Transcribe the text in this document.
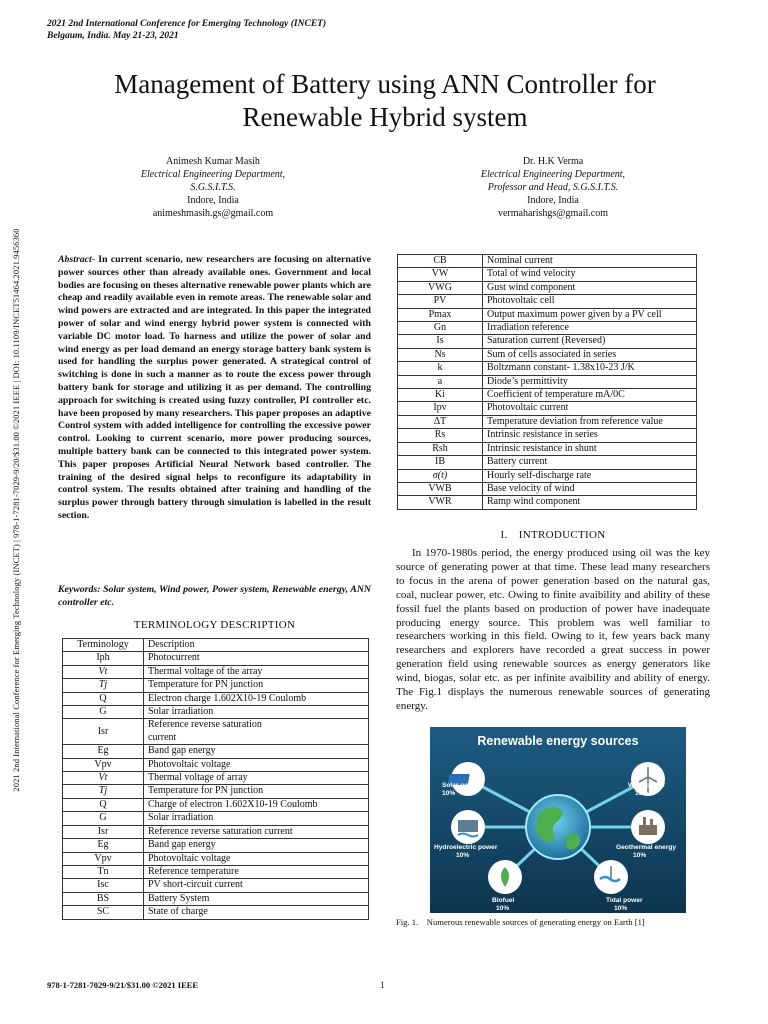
2021 2nd International Conference for Emerging Technology (INCET)
Belgaum, India. May 21-23, 2021
Management of Battery using ANN Controller for
Renewable Hybrid system
Animesh Kumar Masih
Electrical Engineering Department,
S.G.S.I.T.S.
Indore, India
animeshmasih.gs@gmail.com
Dr. H.K Verma
Electrical Engineering Department,
Professor and Head, S.G.S.I.T.S.
Indore, India
vermaharishgs@gmail.com
2021 2nd International Conference for Emerging Technology (INCET) | 978-1-7281-7029-9/20/$31.00 ©2021 IEEE | DOI: 10.1109/INCET51464.2021.9456360	Abstract- In current scenario, new researchers are focusing on alternative power sources other than already available ones. Government and local bodies are focusing on theses alternative renewable power plants which are cheap and readily available even in remote areas. The renewable solar and wind powers are extracted and are integrated. In this paper the integrated power of solar and wind energy hybrid power system is connected with variable DC motor load. To harness and utilize the power of solar and wind energy as per load demand an energy storage battery bank system is used for handling the surplus power generated. A strategical control of switching is done in such a manner as to route the excess power through battery bank for storage and utilizing it as per demand. The controlling approach for switching is created using fuzzy controller, PI controller etc. have been proposed by many researchers. This paper proposes an adaptive Control system with added intelligence for controlling the excessive power control. Looking to current scenario, more power producing sources, multiple battery bank can be connected to this integrated power system. This paper proposes Artificial Neural Network based controller. The training of the desired signal helps to reconfigure its adaptability in control system. The results obtained after training and handling of the surplus power through battery through simulation is labelled in the result section.
Keywords: Solar system, Wind power, Power system, Renewable energy, ANN controller etc.
TERMINOLOGY DESCRIPTION
Terminology	Description
Iph	Photocurrent
Vt	Thermal voltage of the array
Tj	Temperature for PN junction
Q	Electron charge 1.602X10-19 Coulomb
G	Solar irradiation
Isr	Reference reverse saturation current
Eg	Band gap energy
Vpv	Photovoltaic voltage
Vt	Thermal voltage of array
Tj	Temperature for PN junction
Q	Charge of electron 1.602X10-19 Coulomb
G	Solar irradiation
Isr	Reference reverse saturation current
Eg	Band gap energy
Vpv	Photovoltaic voltage
Tn	Reference temperature
Isc	PV short-circuit current
BS	Battery System
SC	State of charge
CB	Nominal current
VW	Total of wind velocity
VWG	Gust wind component
PV	Photovoltaic cell
Pmax	Output maximum power given by a PV cell
Gn	Irradiation reference
Is	Saturation current (Reversed)
Ns	Sum of cells associated in series
k	Boltzmann constant- 1.38x10-23 J/K
a	Diode’s permittivity
Ki	Coefficient of temperature mA/0C
Ipv	Photovoltaic current
ΔT	Temperature deviation from reference value
Rs	Intrinsic resistance in series
Rsh	Intrinsic resistance in shunt
IB	Battery current
σ(t)	Hourly self-discharge rate
VWB	Base velocity of wind
VWR	Ramp wind component
I. INTRODUCTION
In 1970-1980s period, the energy produced using oil was the key source of generating power at that time. These lead many researchers to focus in the arena of power generation based on the natural gas, coal, nuclear power, etc. Owing to finite avaibility and ability of these fossil fuel the plants based on production of power have inadequate producing energy source. This problem was well familiar to researchers working in this field. Owing to it, few years back many researchers and explorers have recorded a great success in power generation field using renewable sources as energy generators like wind, biogas, solar etc. as per infinite avaibility and ability of energy. The Fig.1 displays the numerous renewable sources of generating energy.
Renewable energy sources
Solar power
10%
Wind power
10%
Hydroelectric power
10%
Geothermal energy
10%
Biofuel
10%
Tidal power
10%
Fig. 1. Numerous renewable sources of generating energy on Earth [1]
978-1-7281-7029-9/21/$31.00 ©2021 IEEE	1
